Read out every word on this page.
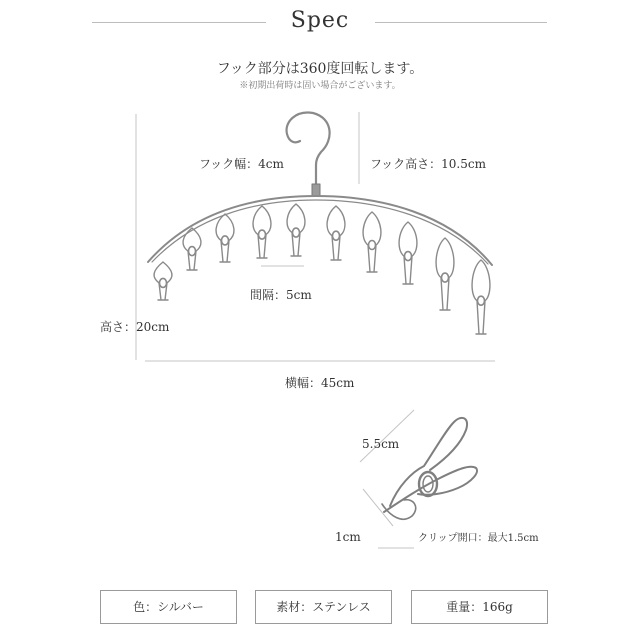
Spec
フック部分は360度回転します。
※初期出荷時は固い場合がございます。
フック幅：4cm	フック高さ：10.5cm
間隔：5cm
高さ：20cm
横幅：45cm
5.5cm
1cm	クリップ開口：最大1.5cm
色：シルバー	素材：ステンレス	重量：166g
